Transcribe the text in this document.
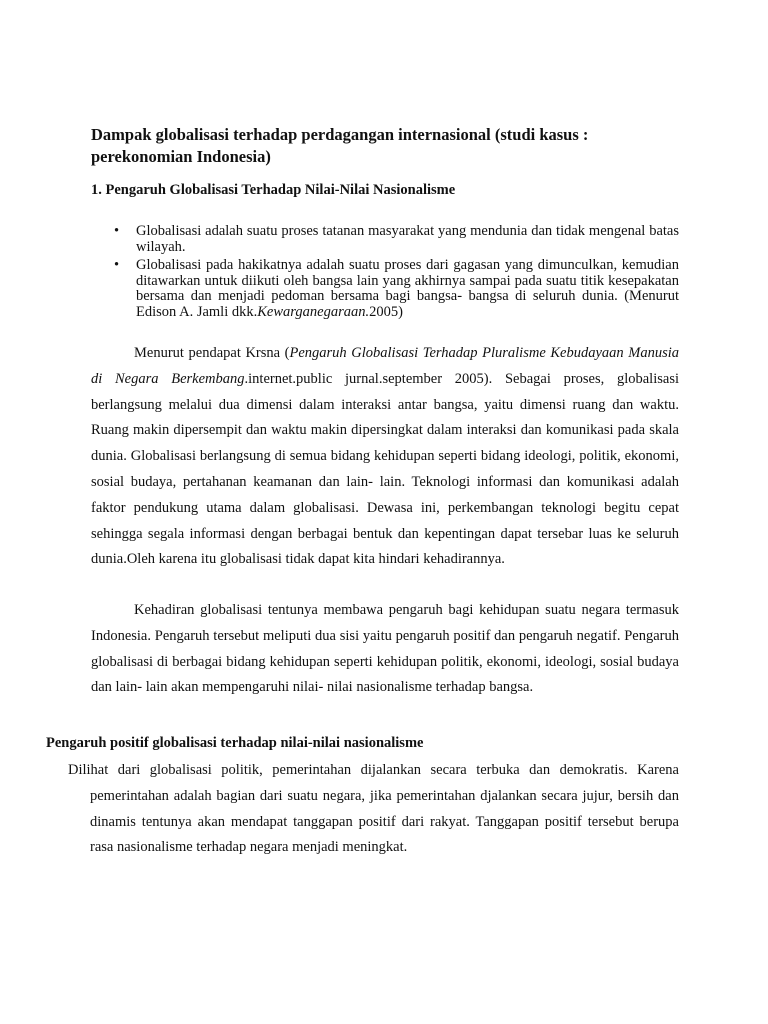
Dampak globalisasi terhadap perdagangan internasional (studi kasus : perekonomian Indonesia)
1. Pengaruh Globalisasi Terhadap Nilai-Nilai Nasionalisme
• Globalisasi adalah suatu proses tatanan masyarakat yang mendunia dan tidak mengenal batas wilayah.
• Globalisasi pada hakikatnya adalah suatu proses dari gagasan yang dimunculkan, kemudian ditawarkan untuk diikuti oleh bangsa lain yang akhirnya sampai pada suatu titik kesepakatan bersama dan menjadi pedoman bersama bagi bangsa- bangsa di seluruh dunia. (Menurut Edison A. Jamli dkk.Kewarganegaraan.2005)

Menurut pendapat Krsna (Pengaruh Globalisasi Terhadap Pluralisme Kebudayaan Manusia di Negara Berkembang.internet.public jurnal.september 2005). Sebagai proses, globalisasi berlangsung melalui dua dimensi dalam interaksi antar bangsa, yaitu dimensi ruang dan waktu. Ruang makin dipersempit dan waktu makin dipersingkat dalam interaksi dan komunikasi pada skala dunia. Globalisasi berlangsung di semua bidang kehidupan seperti bidang ideologi, politik, ekonomi, sosial budaya, pertahanan keamanan dan lain- lain. Teknologi informasi dan komunikasi adalah faktor pendukung utama dalam globalisasi. Dewasa ini, perkembangan teknologi begitu cepat sehingga segala informasi dengan berbagai bentuk dan kepentingan dapat tersebar luas ke seluruh dunia.Oleh karena itu globalisasi tidak dapat kita hindari kehadirannya.

Kehadiran globalisasi tentunya membawa pengaruh bagi kehidupan suatu negara termasuk Indonesia. Pengaruh tersebut meliputi dua sisi yaitu pengaruh positif dan pengaruh negatif. Pengaruh globalisasi di berbagai bidang kehidupan seperti kehidupan politik, ekonomi, ideologi, sosial budaya dan lain- lain akan mempengaruhi nilai- nilai nasionalisme terhadap bangsa.

Pengaruh positif globalisasi terhadap nilai-nilai nasionalisme

Dilihat dari globalisasi politik, pemerintahan dijalankan secara terbuka dan demokratis. Karena pemerintahan adalah bagian dari suatu negara, jika pemerintahan djalankan secara jujur, bersih dan dinamis tentunya akan mendapat tanggapan positif dari rakyat. Tanggapan positif tersebut berupa rasa nasionalisme terhadap negara menjadi meningkat.
